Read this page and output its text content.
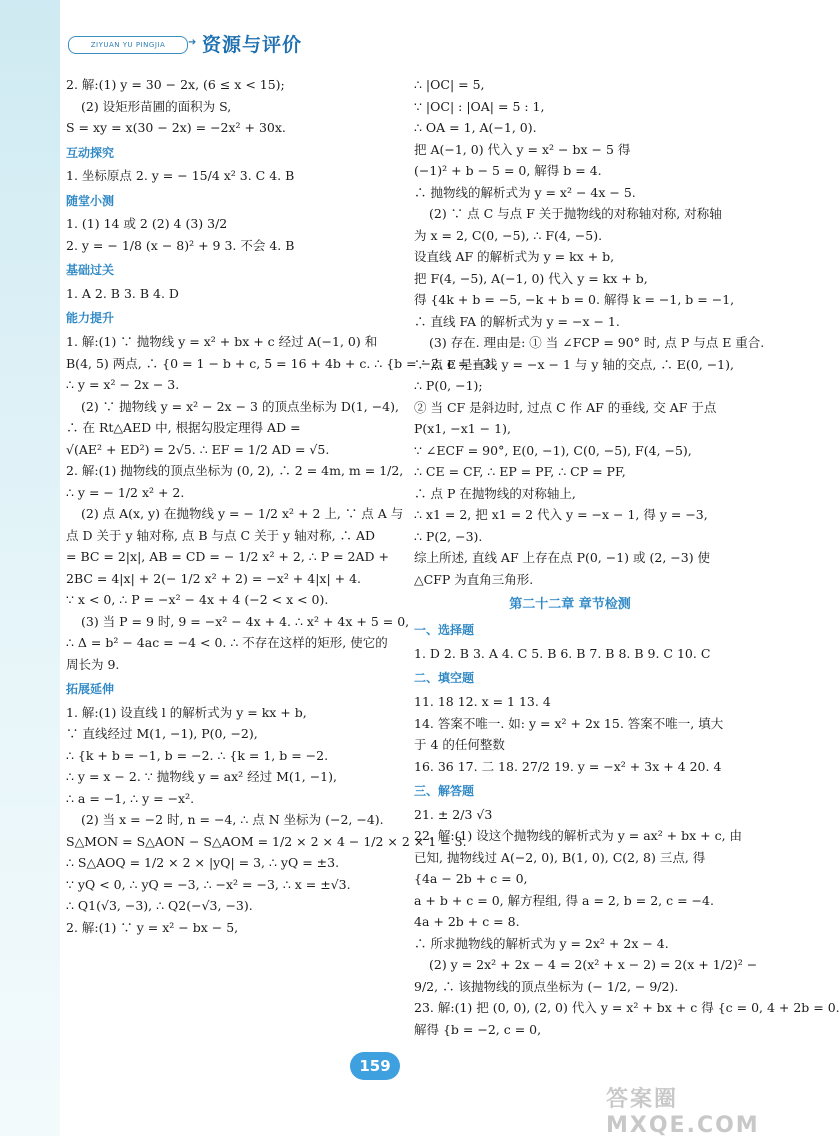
ZIYUAN YU PINGJIA	➜ 资源与评价
2. 解:(1) y = 30 − 2x, (6 ≤ x < 15);
(2) 设矩形苗圃的面积为 S,
S = xy = x(30 − 2x) = −2x² + 30x.
互动探究
1. 坐标原点 2. y = − 15/4 x² 3. C 4. B
随堂小测
1. (1) 14 或 2 (2) 4 (3) 3/2
2. y = − 1/8 (x − 8)² + 9 3. 不会 4. B
基础过关
1. A 2. B 3. B 4. D
能力提升
1. 解:(1) ∵ 抛物线 y = x² + bx + c 经过 A(−1, 0) 和
B(4, 5) 两点, ∴ {0 = 1 − b + c, 5 = 16 + 4b + c. ∴ {b = −2, c = −3.
∴ y = x² − 2x − 3.
(2) ∵ 抛物线 y = x² − 2x − 3 的顶点坐标为 D(1, −4),
∴ 在 Rt△AED 中, 根据勾股定理得 AD =
√(AE² + ED²) = 2√5. ∴ EF = 1/2 AD = √5.
2. 解:(1) 抛物线的顶点坐标为 (0, 2), ∴ 2 = 4m, m = 1/2,
∴ y = − 1/2 x² + 2.
(2) 点 A(x, y) 在抛物线 y = − 1/2 x² + 2 上, ∵ 点 A 与
点 D 关于 y 轴对称, 点 B 与点 C 关于 y 轴对称, ∴ AD
= BC = 2|x|, AB = CD = − 1/2 x² + 2, ∴ P = 2AD +
2BC = 4|x| + 2(− 1/2 x² + 2) = −x² + 4|x| + 4.
∵ x < 0, ∴ P = −x² − 4x + 4 (−2 < x < 0).
(3) 当 P = 9 时, 9 = −x² − 4x + 4. ∴ x² + 4x + 5 = 0,
∴ Δ = b² − 4ac = −4 < 0. ∴ 不存在这样的矩形, 使它的
周长为 9.
拓展延伸
1. 解:(1) 设直线 l 的解析式为 y = kx + b,
∵ 直线经过 M(1, −1), P(0, −2),
∴ {k + b = −1, b = −2. ∴ {k = 1, b = −2.
∴ y = x − 2. ∵ 抛物线 y = ax² 经过 M(1, −1),
∴ a = −1, ∴ y = −x².
(2) 当 x = −2 时, n = −4, ∴ 点 N 坐标为 (−2, −4).
S△MON = S△AON − S△AOM = 1/2 × 2 × 4 − 1/2 × 2 × 1 = 3.
∴ S△AOQ = 1/2 × 2 × |yQ| = 3, ∴ yQ = ±3.
∵ yQ < 0, ∴ yQ = −3, ∴ −x² = −3, ∴ x = ±√3.
∴ Q1(√3, −3), ∴ Q2(−√3, −3).
2. 解:(1) ∵ y = x² − bx − 5,
∴ |OC| = 5,
∵ |OC| : |OA| = 5 : 1,
∴ OA = 1, A(−1, 0).
把 A(−1, 0) 代入 y = x² − bx − 5 得
(−1)² + b − 5 = 0, 解得 b = 4.
∴ 抛物线的解析式为 y = x² − 4x − 5.
(2) ∵ 点 C 与点 F 关于抛物线的对称轴对称, 对称轴
为 x = 2, C(0, −5), ∴ F(4, −5).
设直线 AF 的解析式为 y = kx + b,
把 F(4, −5), A(−1, 0) 代入 y = kx + b,
得 {4k + b = −5, −k + b = 0. 解得 k = −1, b = −1,
∴ 直线 FA 的解析式为 y = −x − 1.
(3) 存在. 理由是: ① 当 ∠FCP = 90° 时, 点 P 与点 E 重合.
∵ 点 E 是直线 y = −x − 1 与 y 轴的交点, ∴ E(0, −1),
∴ P(0, −1);
② 当 CF 是斜边时, 过点 C 作 AF 的垂线, 交 AF 于点
P(x1, −x1 − 1),
∵ ∠ECF = 90°, E(0, −1), C(0, −5), F(4, −5),
∴ CE = CF, ∴ EP = PF, ∴ CP = PF,
∴ 点 P 在抛物线的对称轴上,
∴ x1 = 2, 把 x1 = 2 代入 y = −x − 1, 得 y = −3,
∴ P(2, −3).
综上所述, 直线 AF 上存在点 P(0, −1) 或 (2, −3) 使
△CFP 为直角三角形.
第二十二章 章节检测
一、选择题
1. D 2. B 3. A 4. C 5. B 6. B 7. B 8. B 9. C 10. C
二、填空题
11. 18 12. x = 1 13. 4
14. 答案不唯一. 如: y = x² + 2x 15. 答案不唯一, 填大
于 4 的任何整数
16. 36 17. 二 18. 27/2 19. y = −x² + 3x + 4 20. 4
三、解答题
21. ± 2/3 √3
22. 解:(1) 设这个抛物线的解析式为 y = ax² + bx + c, 由
已知, 抛物线过 A(−2, 0), B(1, 0), C(2, 8) 三点, 得
{4a − 2b + c = 0,
a + b + c = 0, 解方程组, 得 a = 2, b = 2, c = −4.
4a + 2b + c = 8.
∴ 所求抛物线的解析式为 y = 2x² + 2x − 4.
(2) y = 2x² + 2x − 4 = 2(x² + x − 2) = 2(x + 1/2)² −
9/2, ∴ 该抛物线的顶点坐标为 (− 1/2, − 9/2).
23. 解:(1) 把 (0, 0), (2, 0) 代入 y = x² + bx + c 得 {c = 0, 4 + 2b = 0.
解得 {b = −2, c = 0,
159
答案圈 MXQE.COM
